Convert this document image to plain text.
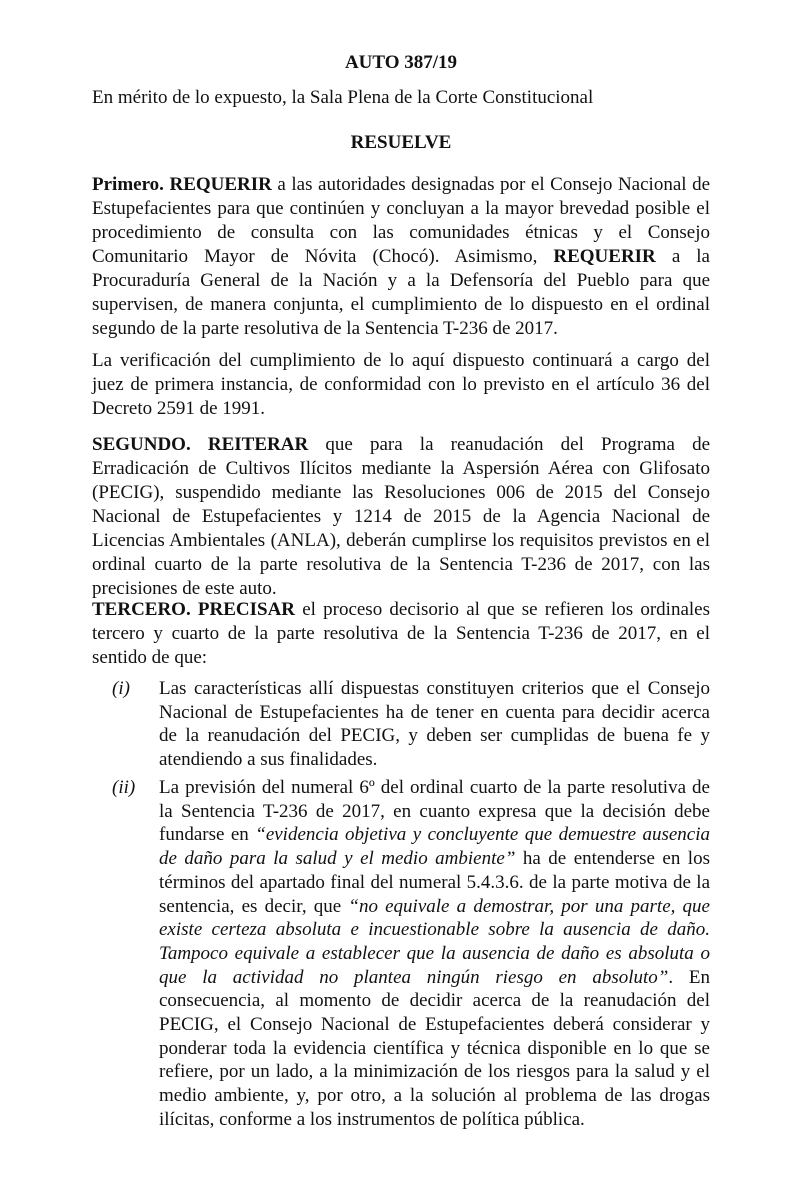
AUTO 387/19
En mérito de lo expuesto, la Sala Plena de la Corte Constitucional
RESUELVE
Primero. REQUERIR a las autoridades designadas por el Consejo Nacional de Estupefacientes para que continúen y concluyan a la mayor brevedad posible el procedimiento de consulta con las comunidades étnicas y el Consejo Comunitario Mayor de Nóvita (Chocó). Asimismo, REQUERIR a la Procuraduría General de la Nación y a la Defensoría del Pueblo para que supervisen, de manera conjunta, el cumplimiento de lo dispuesto en el ordinal segundo de la parte resolutiva de la Sentencia T-236 de 2017.
La verificación del cumplimiento de lo aquí dispuesto continuará a cargo del juez de primera instancia, de conformidad con lo previsto en el artículo 36 del Decreto 2591 de 1991.
SEGUNDO. REITERAR que para la reanudación del Programa de Erradicación de Cultivos Ilícitos mediante la Aspersión Aérea con Glifosato (PECIG), suspendido mediante las Resoluciones 006 de 2015 del Consejo Nacional de Estupefacientes y 1214 de 2015 de la Agencia Nacional de Licencias Ambientales (ANLA), deberán cumplirse los requisitos previstos en el ordinal cuarto de la parte resolutiva de la Sentencia T-236 de 2017, con las precisiones de este auto.
TERCERO. PRECISAR el proceso decisorio al que se refieren los ordinales tercero y cuarto de la parte resolutiva de la Sentencia T-236 de 2017, en el sentido de que:
(i)	Las características allí dispuestas constituyen criterios que el Consejo Nacional de Estupefacientes ha de tener en cuenta para decidir acerca de la reanudación del PECIG, y deben ser cumplidas de buena fe y atendiendo a sus finalidades.
(ii)	La previsión del numeral 6º del ordinal cuarto de la parte resolutiva de la Sentencia T-236 de 2017, en cuanto expresa que la decisión debe fundarse en “evidencia objetiva y concluyente que demuestre ausencia de daño para la salud y el medio ambiente” ha de entenderse en los términos del apartado final del numeral 5.4.3.6. de la parte motiva de la sentencia, es decir, que “no equivale a demostrar, por una parte, que existe certeza absoluta e incuestionable sobre la ausencia de daño. Tampoco equivale a establecer que la ausencia de daño es absoluta o que la actividad no plantea ningún riesgo en absoluto”. En consecuencia, al momento de decidir acerca de la reanudación del PECIG, el Consejo Nacional de Estupefacientes deberá considerar y ponderar toda la evidencia científica y técnica disponible en lo que se refiere, por un lado, a la minimización de los riesgos para la salud y el medio ambiente, y, por otro, a la solución al problema de las drogas ilícitas, conforme a los instrumentos de política pública.
